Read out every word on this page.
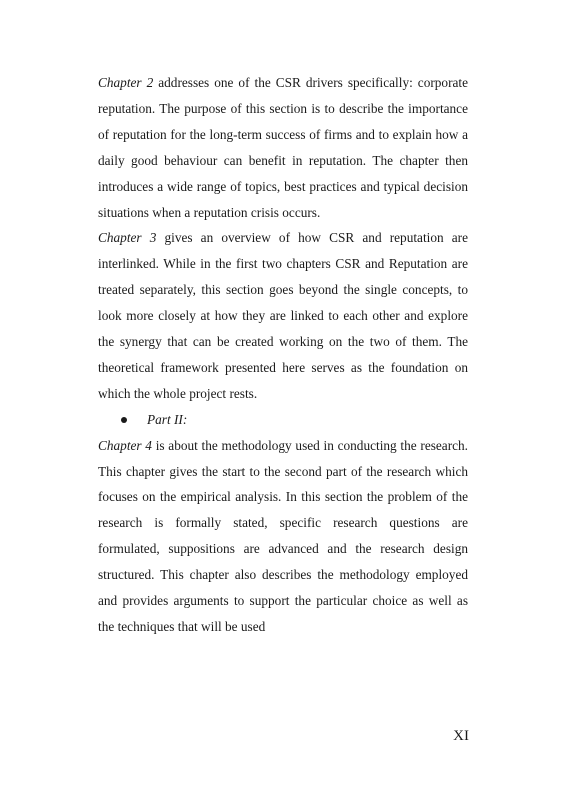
Chapter 2 addresses one of the CSR drivers specifically: corporate reputation. The purpose of this section is to describe the importance of reputation for the long-term success of firms and to explain how a daily good behaviour can benefit in reputation. The chapter then introduces a wide range of topics, best practices and typical decision situations when a reputation crisis occurs.

Chapter 3 gives an overview of how CSR and reputation are interlinked. While in the first two chapters CSR and Reputation are treated separately, this section goes beyond the single concepts, to look more closely at how they are linked to each other and explore the synergy that can be created working on the two of them. The theoretical framework presented here serves as the foundation on which the whole project rests.

Part II:

Chapter 4 is about the methodology used in conducting the research. This chapter gives the start to the second part of the research which focuses on the empirical analysis. In this section the problem of the research is formally stated, specific research questions are formulated, suppositions are advanced and the research design structured. This chapter also describes the methodology employed and provides arguments to support the particular choice as well as the techniques that will be used

XI
